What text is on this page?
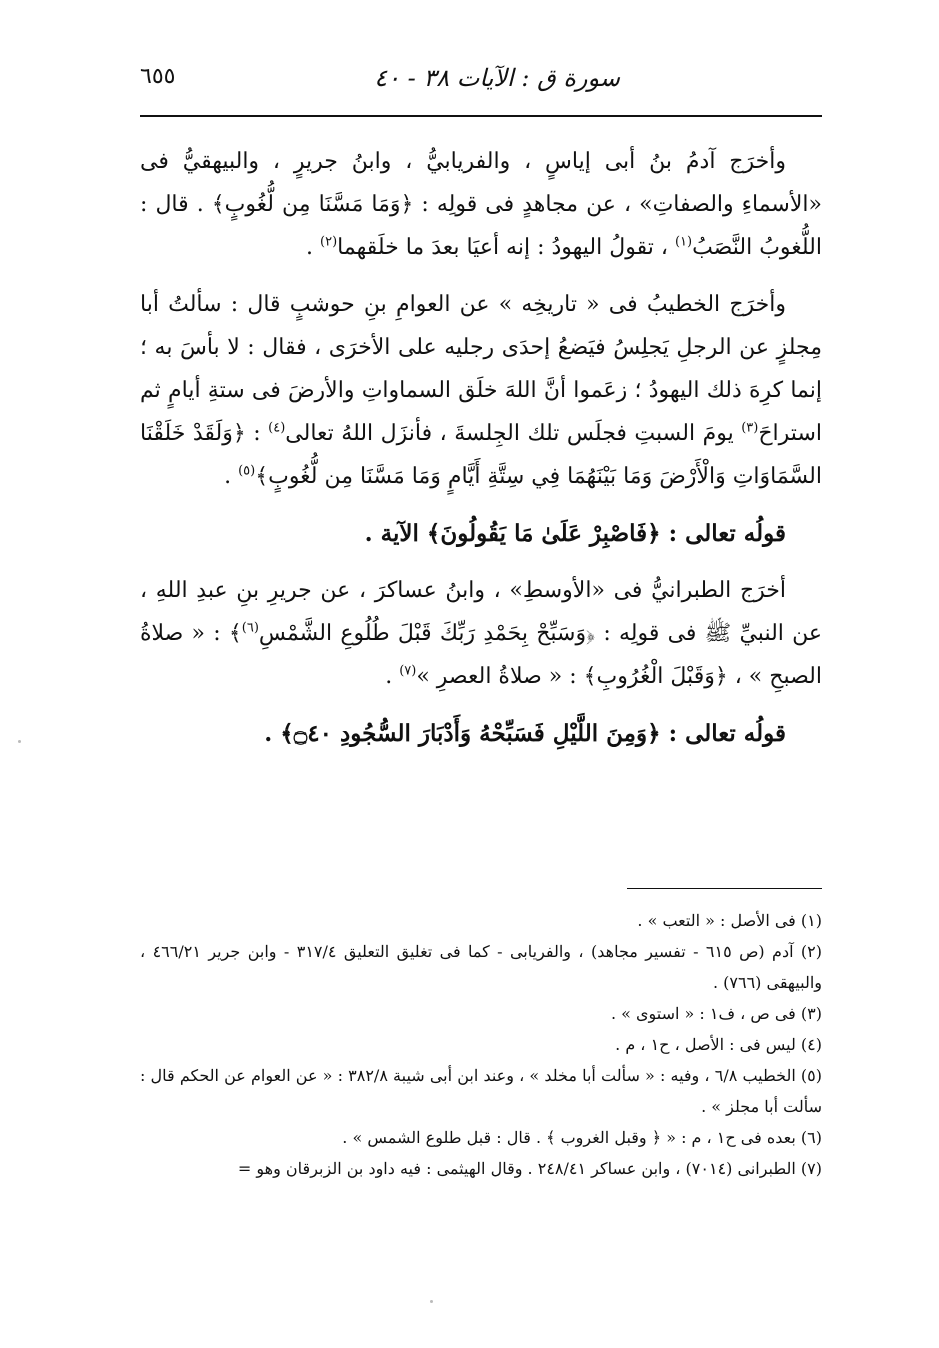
سورة ق : الآيات ٣٨ - ٤٠
٦٥٥

وأخرَج آدمُ بنُ أبى إياسٍ ، والفريابيُّ ، وابنُ جريرٍ ، والبيهقيُّ فى «الأسماءِ والصفاتِ» ، عن مجاهدٍ فى قولِه : ﴿وَمَا مَسَّنَا مِن لُّغُوبٍ﴾ . قال : اللُّغوبُ النَّصَبُ$^{(١)}$ ، تقولُ اليهودُ : إنه أعيَا بعدَ ما خلَقهما$^{(٢)}$ .

وأخرَج الخطيبُ فى « تاريخِه » عن العوامِ بنِ حوشبٍ قال : سألتُ أبا مِجلزٍ عن الرجلِ يَجلِسُ فيَضعُ إحدَى رجليه على الأخرَى ، فقال : لا بأسَ به ؛ إنما كرِهَ ذلك اليهودُ ؛ زعَموا أنَّ اللهَ خلَق السماواتِ والأرضَ فى ستةِ أيامٍ ثم استراحَ$^{(٣)}$ يومَ السبتِ فجلَس تلك الجِلسةَ ، فأنزَل اللهُ تعالى$^{(٤)}$ : ﴿وَلَقَدْ خَلَقْنَا السَّمَاوَاتِ وَالْأَرْضَ وَمَا بَيْنَهُمَا فِي سِتَّةِ أَيَّامٍ وَمَا مَسَّنَا مِن لُّغُوبٍ﴾$^{(٥)}$ .

قولُه تعالى : ﴿فَاصْبِرْ عَلَىٰ مَا يَقُولُونَ﴾ الآية .

أخرَج الطبرانيُّ فى «الأوسطِ» ، وابنُ عساكرَ ، عن جريرِ بنِ عبدِ اللهِ ، عن النبيِّ ﷺ فى قولِه : ﴿وَسَبِّحْ بِحَمْدِ رَبِّكَ قَبْلَ طُلُوعِ الشَّمْسِ$^{(٦)}$﴾ : « صلاةُ الصبحِ » ، ﴿وَقَبْلَ الْغُرُوبِ﴾ : « صلاةُ العصرِ »$^{(٧)}$ .

قولُه تعالى : ﴿وَمِنَ اللَّيْلِ فَسَبِّحْهُ وَأَدْبَارَ السُّجُودِ ۝٤٠﴾ .

(١) فى الأصل : « التعب » .

(٢) آدم (ص ٦١٥ - تفسير مجاهد) ، والفريابى - كما فى تغليق التعليق ٣١٧/٤ - وابن جرير ٤٦٦/٢١ ، والبيهقى (٧٦٦) .

(٣) فى ص ، ف١ : « استوى » .

(٤) ليس فى : الأصل ، ح١ ، م .

(٥) الخطيب ٦/٨ ، وفيه : « سألت أبا مخلد » ، وعند ابن أبى شيبة ٣٨٢/٨ : « عن العوام عن الحكم قال : سألت أبا مجلز » .

(٦) بعده فى ح١ ، م : « ﴿ وقبل الغروب ﴾ . قال : قبل طلوع الشمس » .

(٧) الطبرانى (٧٠١٤) ، وابن عساكر ٢٤٨/٤١ . وقال الهيثمى : فيه داود بن الزبرقان وهو =
